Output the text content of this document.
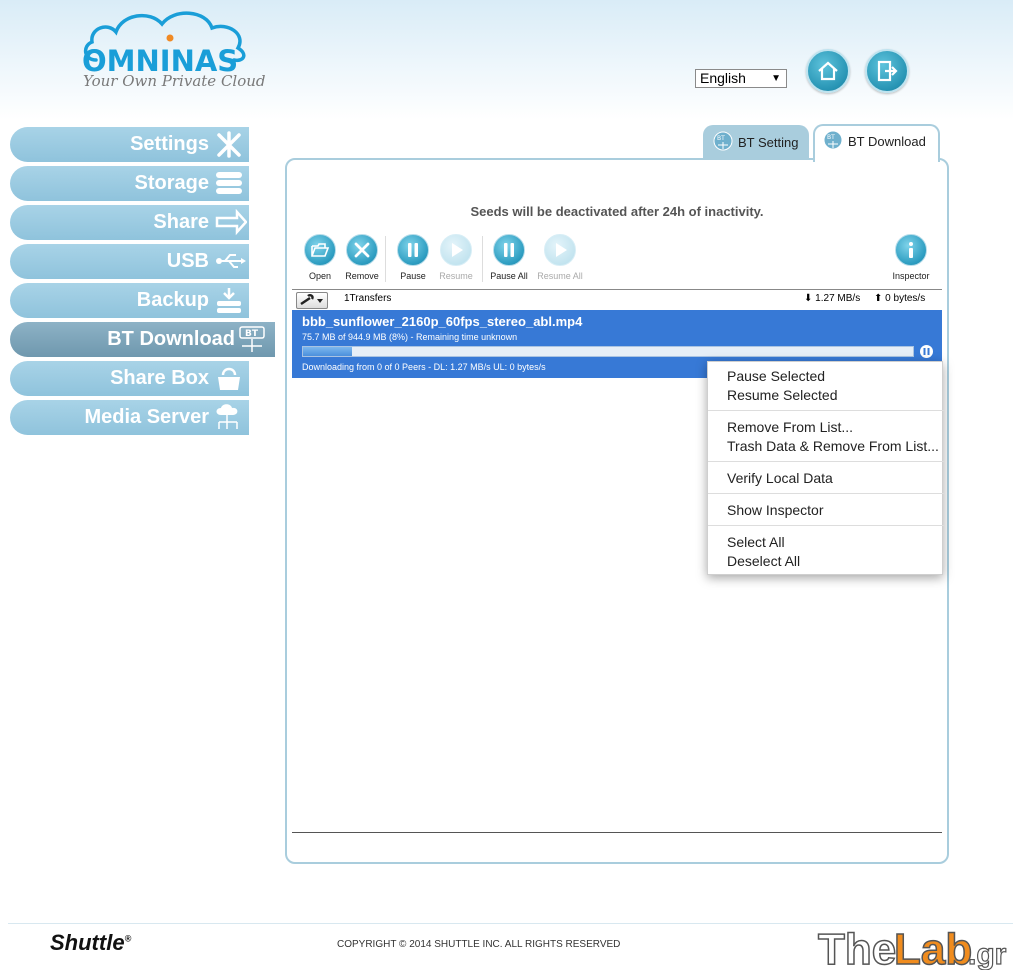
OMNINAS
Your Own Private Cloud	English	▼
Settings
Storage
Share
USB
Backup
BT Download BT
Share Box
Media Server
BT BT Setting	BT BT Download
Seeds will be deactivated after 24h of inactivity.
Open	Remove	Pause	Resume	Pause All	Resume All	Inspector
1Transfers	⬇ 1.27 MB/s ⬆ 0 bytes/s
bbb_sunflower_2160p_60fps_stereo_abl.mp4
75.7 MB of 944.9 MB (8%) - Remaining time unknown
Downloading from 0 of 0 Peers - DL: 1.27 MB/s UL: 0 bytes/s
Pause Selected
Resume Selected
Remove From List...
Trash Data & Remove From List...
Verify Local Data
Show Inspector
Select All
Deselect All
Shuttle®
COPYRIGHT © 2014 SHUTTLE INC. ALL RIGHTS RESERVED	The
Lab
.gr
